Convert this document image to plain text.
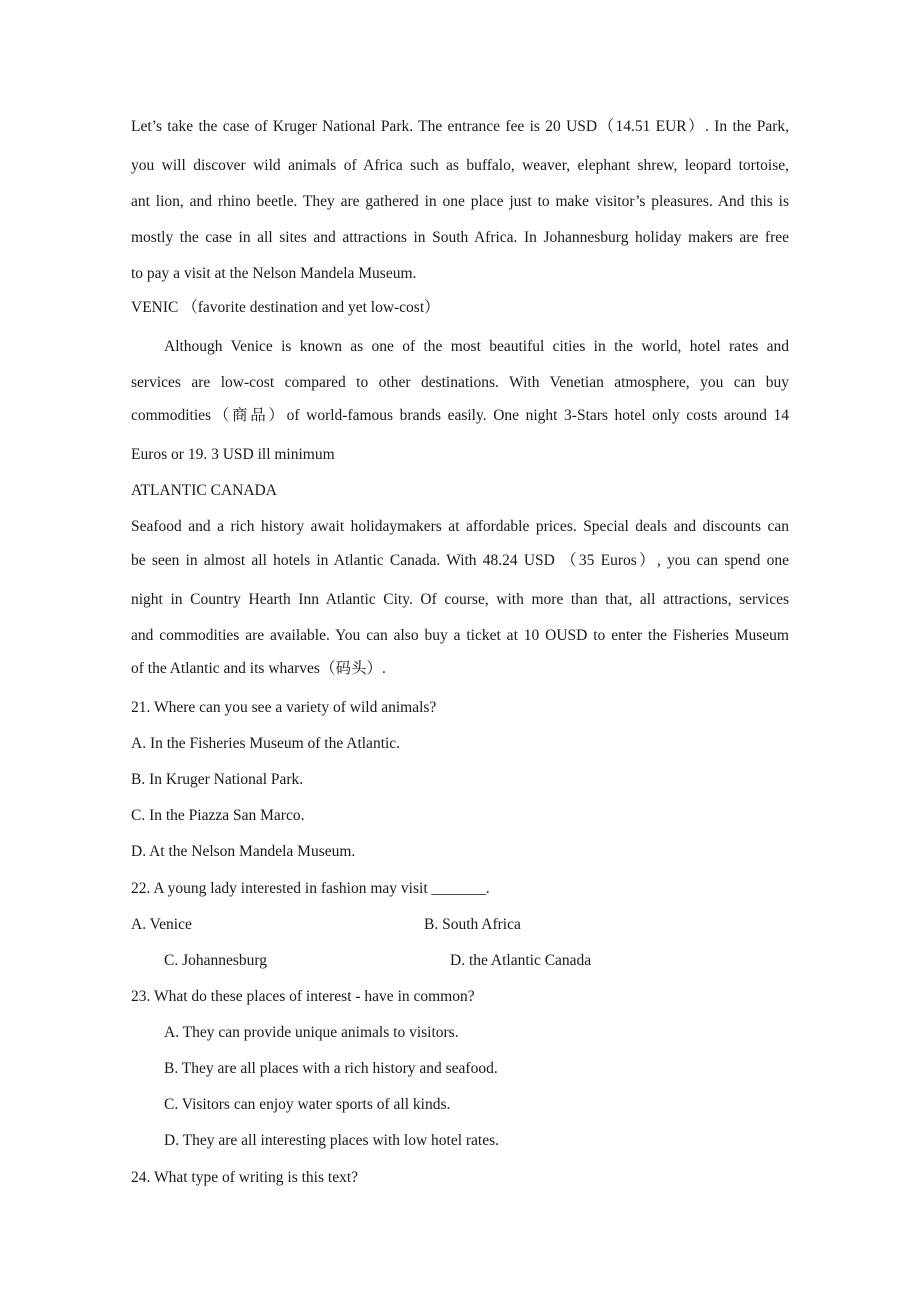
Let’s take the case of Kruger National Park. The entrance fee is 20 USD（14.51 EUR）. In the Park,
you will discover wild animals of Africa such as buffalo, weaver, elephant shrew, leopard tortoise,
ant lion, and rhino beetle. They are gathered in one place just to make visitor’s pleasures. And this is
mostly the case in all sites and attractions in South Africa. In Johannesburg holiday makers are free
to pay a visit at the Nelson Mandela Museum.
VENIC （favorite destination and yet low-cost）
Although Venice is known as one of the most beautiful cities in the world, hotel rates and
services are low-cost compared to other destinations. With Venetian atmosphere, you can buy
commodities（商品）of world-famous brands easily. One night 3-Stars hotel only costs around 14
Euros or 19. 3 USD ill minimum
ATLANTIC CANADA
Seafood and a rich history await holidaymakers at affordable prices. Special deals and discounts can
be seen in almost all hotels in Atlantic Canada. With 48.24 USD （35 Euros）, you can spend one
night in Country Hearth Inn Atlantic City. Of course, with more than that, all attractions, services
and commodities are available. You can also buy a ticket at 10 OUSD to enter the Fisheries Museum
of the Atlantic and its wharves（码头）.
21. Where can you see a variety of wild animals?
A. In the Fisheries Museum of the Atlantic.
B. In Kruger National Park.
C. In the Piazza San Marco.
D. At the Nelson Mandela Museum.
22. A young lady interested in fashion may visit _______.
A. Venice	B. South Africa
C. Johannesburg	D. the Atlantic Canada
23. What do these places of interest - have in common?
A. They can provide unique animals to visitors.
B. They are all places with a rich history and seafood.
C. Visitors can enjoy water sports of all kinds.
D. They are all interesting places with low hotel rates.
24. What type of writing is this text?
